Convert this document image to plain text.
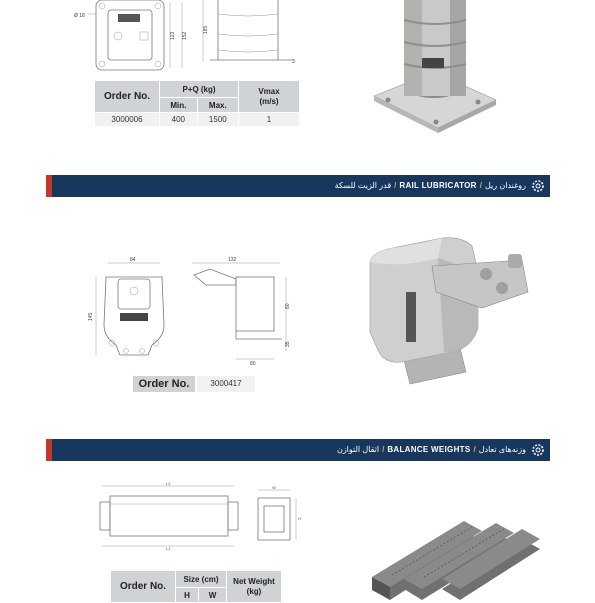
Ø 18
123 152
185
3
Order No.	P+Q (kg)		Vmax
(m/s)
	Min.	Max.	
3000006	400	1500	1
قدر الزيت للسكة / RAIL LUBRICATOR / روغندان ریل
84
145
132
80
35
80
Order No.	3000417
اثقال التوازن / BALANCE WEIGHTS / وزنه‌های تعادل
L2
L1
W
H
Order No.	Size (cm)		Net Weight
(kg)
	H	W	
